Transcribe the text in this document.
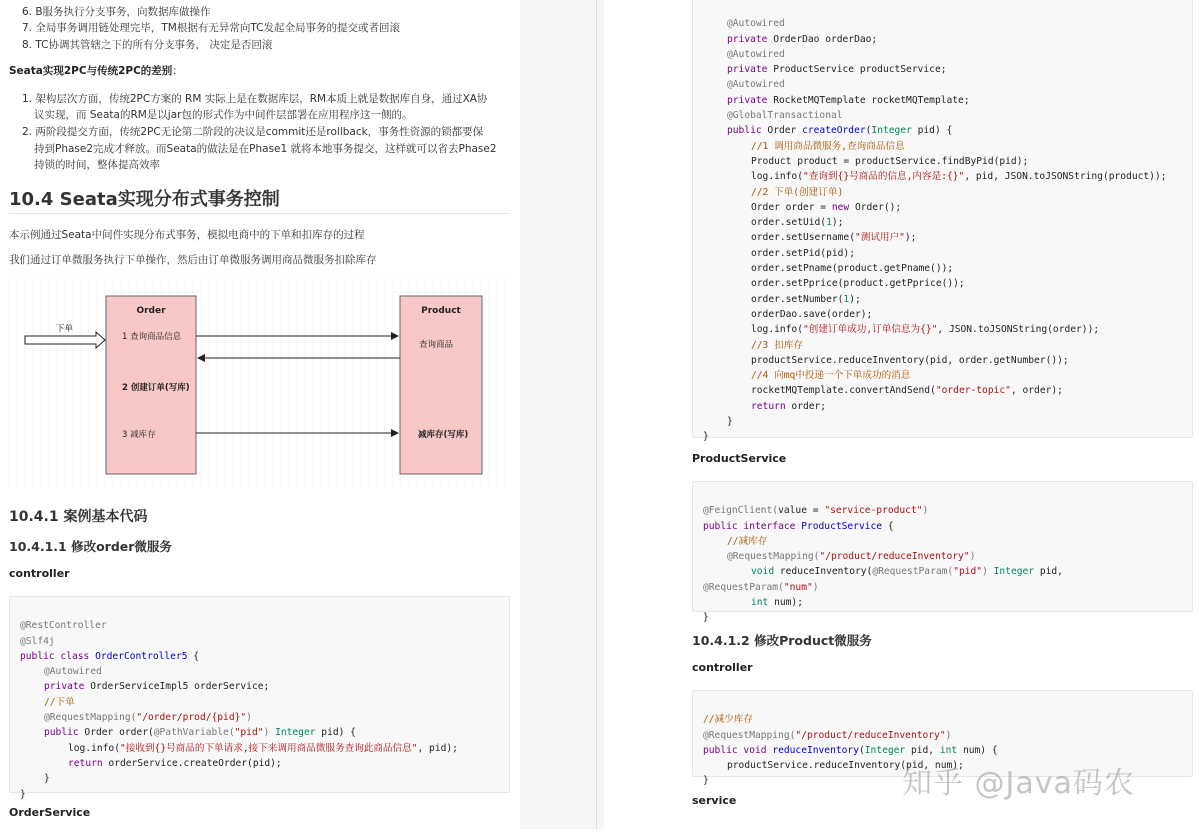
6. B服务执行分支事务，向数据库做操作
7. 全局事务调用链处理完毕，TM根据有无异常向TC发起全局事务的提交或者回滚
8. TC协调其管辖之下的所有分支事务， 决定是否回滚
Seata实现2PC与传统2PC的差别：
1. 架构层次方面，传统2PC方案的 RM 实际上是在数据库层，RM本质上就是数据库自身，通过XA协
议实现，而 Seata的RM是以jar包的形式作为中间件层部署在应用程序这一侧的。
2. 两阶段提交方面，传统2PC无论第二阶段的决议是commit还是rollback，事务性资源的锁都要保
持到Phase2完成才释放。而Seata的做法是在Phase1 就将本地事务提交，这样就可以省去Phase2
持锁的时间，整体提高效率
10.4 Seata实现分布式事务控制
本示例通过Seata中间件实现分布式事务，模拟电商中的下单和扣库存的过程
我们通过订单微服务执行下单操作，然后由订单微服务调用商品微服务扣除库存
下单
Order
1 查询商品信息
2 创建订单(写库)
3 减库存
Product
查询商品
减库存(写库)
10.4.1 案例基本代码
10.4.1.1 修改order微服务
controller

@RestController
@Slf4j
public class OrderController5 {
@Autowired
private OrderServiceImpl5 orderService;
//下单
@RequestMapping("/order/prod/{pid}")
public Order order(@PathVariable("pid") Integer pid) {
log.info("接收到{}号商品的下单请求,接下来调用商品微服务查询此商品信息", pid);
return orderService.createOrder(pid);
}
}

OrderService

@Autowired
private OrderDao orderDao;
@Autowired
private ProductService productService;
@Autowired
private RocketMQTemplate rocketMQTemplate;
@GlobalTransactional
public Order createOrder(Integer pid) {
//1 调用商品微服务,查询商品信息
Product product = productService.findByPid(pid);
log.info("查询到{}号商品的信息,内容是:{}", pid, JSON.toJSONString(product));
//2 下单(创建订单)
Order order = new Order();
order.setUid(1);
order.setUsername("测试用户");
order.setPid(pid);
order.setPname(product.getPname());
order.setPprice(product.getPprice());
order.setNumber(1);
orderDao.save(order);
log.info("创建订单成功,订单信息为{}", JSON.toJSONString(order));
//3 扣库存
productService.reduceInventory(pid, order.getNumber());
//4 向mq中投递一个下单成功的消息
rocketMQTemplate.convertAndSend("order-topic", order);
return order;
}
}

ProductService

@FeignClient(value = "service-product")
public interface ProductService {
//减库存
@RequestMapping("/product/reduceInventory")
void reduceInventory(@RequestParam("pid") Integer pid,
@RequestParam("num")
int num);
}

10.4.1.2 修改Product微服务
controller

//减少库存
@RequestMapping("/product/reduceInventory")
public void reduceInventory(Integer pid, int num) {
productService.reduceInventory(pid, num);
}

service	知乎 @Java码农
